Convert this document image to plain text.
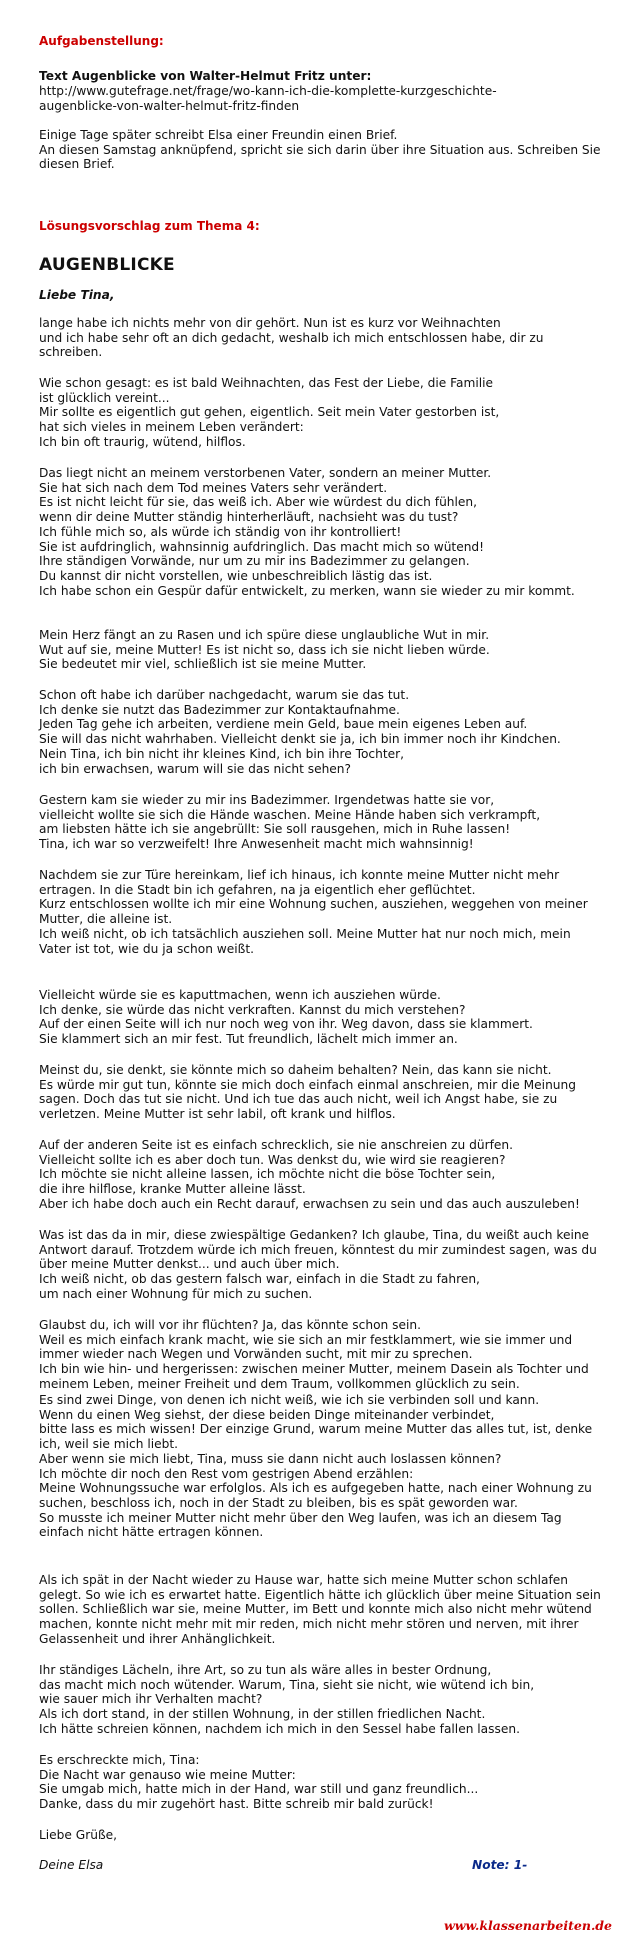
Aufgabenstellung:
Text Augenblicke von Walter-Helmut Fritz unter:
http://www.gutefrage.net/frage/wo-kann-ich-die-komplette-kurzgeschichte-augenblicke-von-walter-helmut-fritz-finden
Einige Tage später schreibt Elsa einer Freundin einen Brief.
An diesen Samstag anknüpfend, spricht sie sich darin über ihre Situation aus. Schreiben Sie diesen Brief.
Lösungsvorschlag zum Thema 4:
AUGENBLICKE
Liebe Tina,
lange habe ich nichts mehr von dir gehört. Nun ist es kurz vor Weihnachten
und ich habe sehr oft an dich gedacht, weshalb ich mich entschlossen habe, dir zu schreiben.
Wie schon gesagt: es ist bald Weihnachten, das Fest der Liebe, die Familie
ist glücklich vereint...
Mir sollte es eigentlich gut gehen, eigentlich. Seit mein Vater gestorben ist,
hat sich vieles in meinem Leben verändert:
Ich bin oft traurig, wütend, hilflos.
Das liegt nicht an meinem verstorbenen Vater, sondern an meiner Mutter.
Sie hat sich nach dem Tod meines Vaters sehr verändert.
Es ist nicht leicht für sie, das weiß ich. Aber wie würdest du dich fühlen,
wenn dir deine Mutter ständig hinterherläuft, nachsieht was du tust?
Ich fühle mich so, als würde ich ständig von ihr kontrolliert!
Sie ist aufdringlich, wahnsinnig aufdringlich. Das macht mich so wütend!
Ihre ständigen Vorwände, nur um zu mir ins Badezimmer zu gelangen.
Du kannst dir nicht vorstellen, wie unbeschreiblich lästig das ist.
Ich habe schon ein Gespür dafür entwickelt, zu merken, wann sie wieder zu mir kommt.
Mein Herz fängt an zu Rasen und ich spüre diese unglaubliche Wut in mir.
Wut auf sie, meine Mutter! Es ist nicht so, dass ich sie nicht lieben würde.
Sie bedeutet mir viel, schließlich ist sie meine Mutter.
Schon oft habe ich darüber nachgedacht, warum sie das tut.
Ich denke sie nutzt das Badezimmer zur Kontaktaufnahme.
Jeden Tag gehe ich arbeiten, verdiene mein Geld, baue mein eigenes Leben auf.
Sie will das nicht wahrhaben. Vielleicht denkt sie ja, ich bin immer noch ihr Kindchen.
Nein Tina, ich bin nicht ihr kleines Kind, ich bin ihre Tochter,
ich bin erwachsen, warum will sie das nicht sehen?
Gestern kam sie wieder zu mir ins Badezimmer. Irgendetwas hatte sie vor,
vielleicht wollte sie sich die Hände waschen. Meine Hände haben sich verkrampft,
am liebsten hätte ich sie angebrüllt: Sie soll rausgehen, mich in Ruhe lassen!
Tina, ich war so verzweifelt! Ihre Anwesenheit macht mich wahnsinnig!
Nachdem sie zur Türe hereinkam, lief ich hinaus, ich konnte meine Mutter nicht mehr ertragen. In die Stadt bin ich gefahren, na ja eigentlich eher geflüchtet.
Kurz entschlossen wollte ich mir eine Wohnung suchen, ausziehen, weggehen von meiner Mutter, die alleine ist.
Ich weiß nicht, ob ich tatsächlich ausziehen soll. Meine Mutter hat nur noch mich, mein Vater ist tot, wie du ja schon weißt.
Vielleicht würde sie es kaputtmachen, wenn ich ausziehen würde.
Ich denke, sie würde das nicht verkraften. Kannst du mich verstehen?
Auf der einen Seite will ich nur noch weg von ihr. Weg davon, dass sie klammert.
Sie klammert sich an mir fest. Tut freundlich, lächelt mich immer an.
Meinst du, sie denkt, sie könnte mich so daheim behalten? Nein, das kann sie nicht.
Es würde mir gut tun, könnte sie mich doch einfach einmal anschreien, mir die Meinung sagen. Doch das tut sie nicht. Und ich tue das auch nicht, weil ich Angst habe, sie zu verletzen. Meine Mutter ist sehr labil, oft krank und hilflos.
Auf der anderen Seite ist es einfach schrecklich, sie nie anschreien zu dürfen.
Vielleicht sollte ich es aber doch tun. Was denkst du, wie wird sie reagieren?
Ich möchte sie nicht alleine lassen, ich möchte nicht die böse Tochter sein,
die ihre hilflose, kranke Mutter alleine lässt.
Aber ich habe doch auch ein Recht darauf, erwachsen zu sein und das auch auszuleben!
Was ist das da in mir, diese zwiespältige Gedanken? Ich glaube, Tina, du weißt auch keine Antwort darauf. Trotzdem würde ich mich freuen, könntest du mir zumindest sagen, was du über meine Mutter denkst... und auch über mich.
Ich weiß nicht, ob das gestern falsch war, einfach in die Stadt zu fahren,
um nach einer Wohnung für mich zu suchen.
Glaubst du, ich will vor ihr flüchten? Ja, das könnte schon sein.
Weil es mich einfach krank macht, wie sie sich an mir festklammert, wie sie immer und immer wieder nach Wegen und Vorwänden sucht, mit mir zu sprechen.
Ich bin wie hin- und hergerissen: zwischen meiner Mutter, meinem Dasein als Tochter und meinem Leben, meiner Freiheit und dem Traum, vollkommen glücklich zu sein.
Es sind zwei Dinge, von denen ich nicht weiß, wie ich sie verbinden soll und kann.
Wenn du einen Weg siehst, der diese beiden Dinge miteinander verbindet,
bitte lass es mich wissen! Der einzige Grund, warum meine Mutter das alles tut, ist, denke ich, weil sie mich liebt.
Aber wenn sie mich liebt, Tina, muss sie dann nicht auch loslassen können?
Ich möchte dir noch den Rest vom gestrigen Abend erzählen:
Meine Wohnungssuche war erfolglos. Als ich es aufgegeben hatte, nach einer Wohnung zu suchen, beschloss ich, noch in der Stadt zu bleiben, bis es spät geworden war.
So musste ich meiner Mutter nicht mehr über den Weg laufen, was ich an diesem Tag einfach nicht hätte ertragen können.
Als ich spät in der Nacht wieder zu Hause war, hatte sich meine Mutter schon schlafen gelegt. So wie ich es erwartet hatte. Eigentlich hätte ich glücklich über meine Situation sein sollen. Schließlich war sie, meine Mutter, im Bett und konnte mich also nicht mehr wütend machen, konnte nicht mehr mit mir reden, mich nicht mehr stören und nerven, mit ihrer Gelassenheit und ihrer Anhänglichkeit.
Ihr ständiges Lächeln, ihre Art, so zu tun als wäre alles in bester Ordnung,
das macht mich noch wütender. Warum, Tina, sieht sie nicht, wie wütend ich bin,
wie sauer mich ihr Verhalten macht?
Als ich dort stand, in der stillen Wohnung, in der stillen friedlichen Nacht.
Ich hätte schreien können, nachdem ich mich in den Sessel habe fallen lassen.
Es erschreckte mich, Tina:
Die Nacht war genauso wie meine Mutter:
Sie umgab mich, hatte mich in der Hand, war still und ganz freundlich...
Danke, dass du mir zugehört hast. Bitte schreib mir bald zurück!
Liebe Grüße,
Deine Elsa	Note: 1-
www.klassenarbeiten.de
